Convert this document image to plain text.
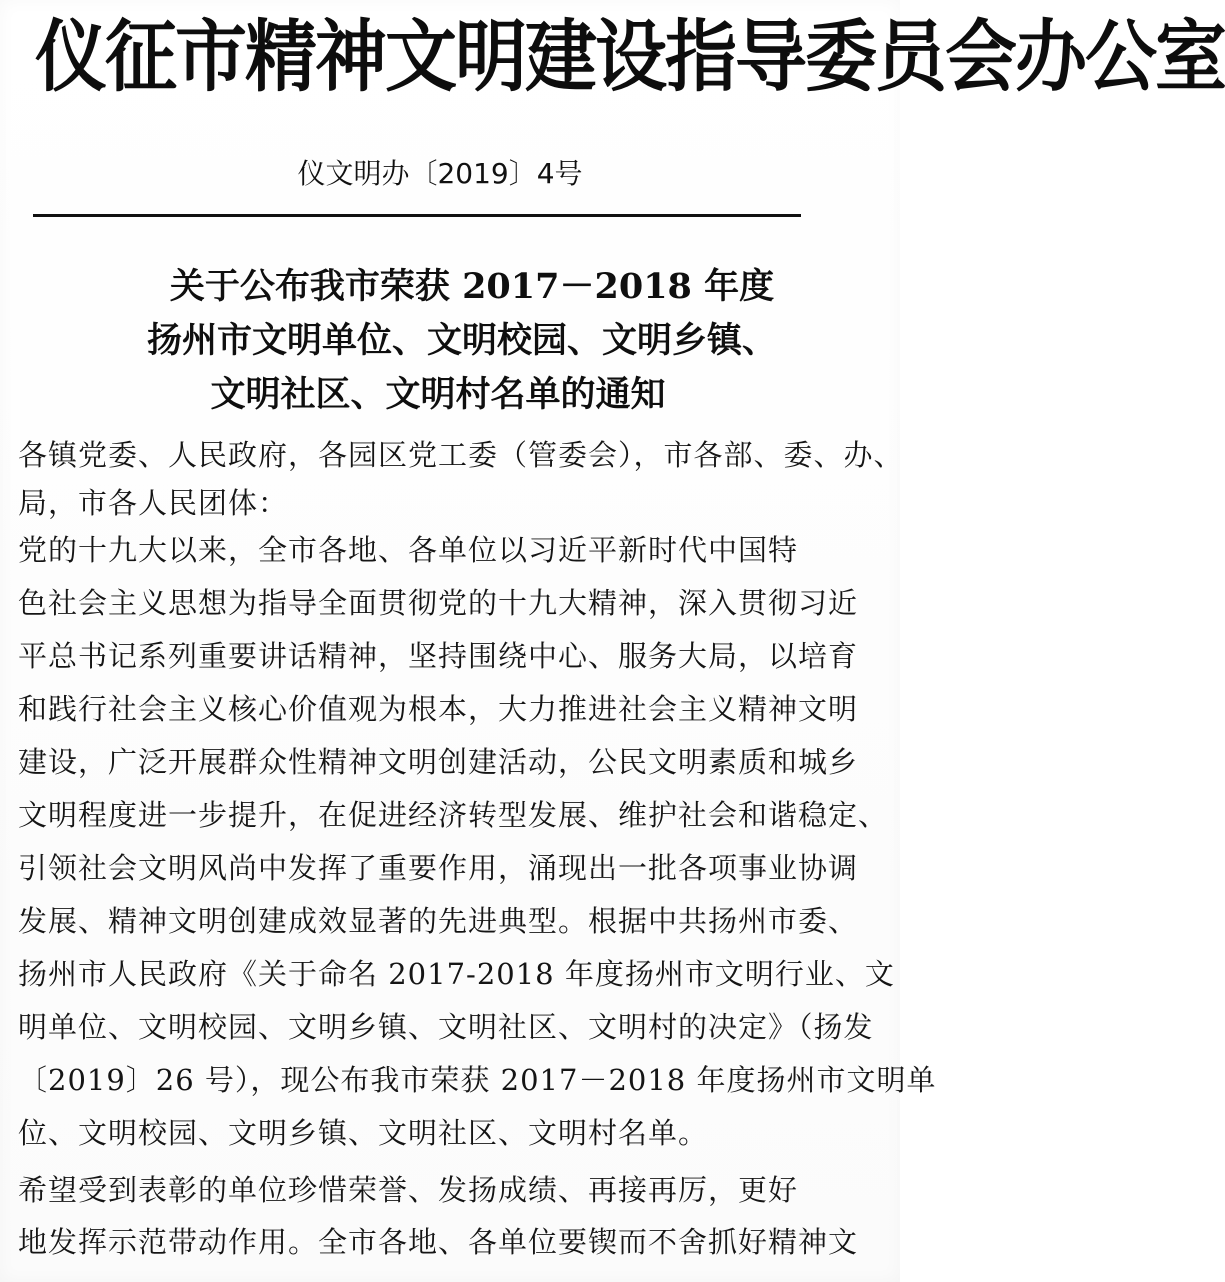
仪征市精神文明建设指导委员会办公室
仪文明办〔2019〕4号
关于公布我市荣获 2017－2018 年度
扬州市文明单位、文明校园、文明乡镇、
文明社区、文明村名单的通知
各镇党委、人民政府，各园区党工委（管委会），市各部、委、办、
局，市各人民团体：
党的十九大以来，全市各地、各单位以习近平新时代中国特
色社会主义思想为指导全面贯彻党的十九大精神，深入贯彻习近
平总书记系列重要讲话精神，坚持围绕中心、服务大局，以培育
和践行社会主义核心价值观为根本，大力推进社会主义精神文明
建设，广泛开展群众性精神文明创建活动，公民文明素质和城乡
文明程度进一步提升，在促进经济转型发展、维护社会和谐稳定、
引领社会文明风尚中发挥了重要作用，涌现出一批各项事业协调
发展、精神文明创建成效显著的先进典型。根据中共扬州市委、
扬州市人民政府《关于命名 2017-2018 年度扬州市文明行业、文
明单位、文明校园、文明乡镇、文明社区、文明村的决定》（扬发
〔2019〕26 号），现公布我市荣获 2017－2018 年度扬州市文明单
位、文明校园、文明乡镇、文明社区、文明村名单。
希望受到表彰的单位珍惜荣誉、发扬成绩、再接再厉，更好
地发挥示范带动作用。全市各地、各单位要锲而不舍抓好精神文
